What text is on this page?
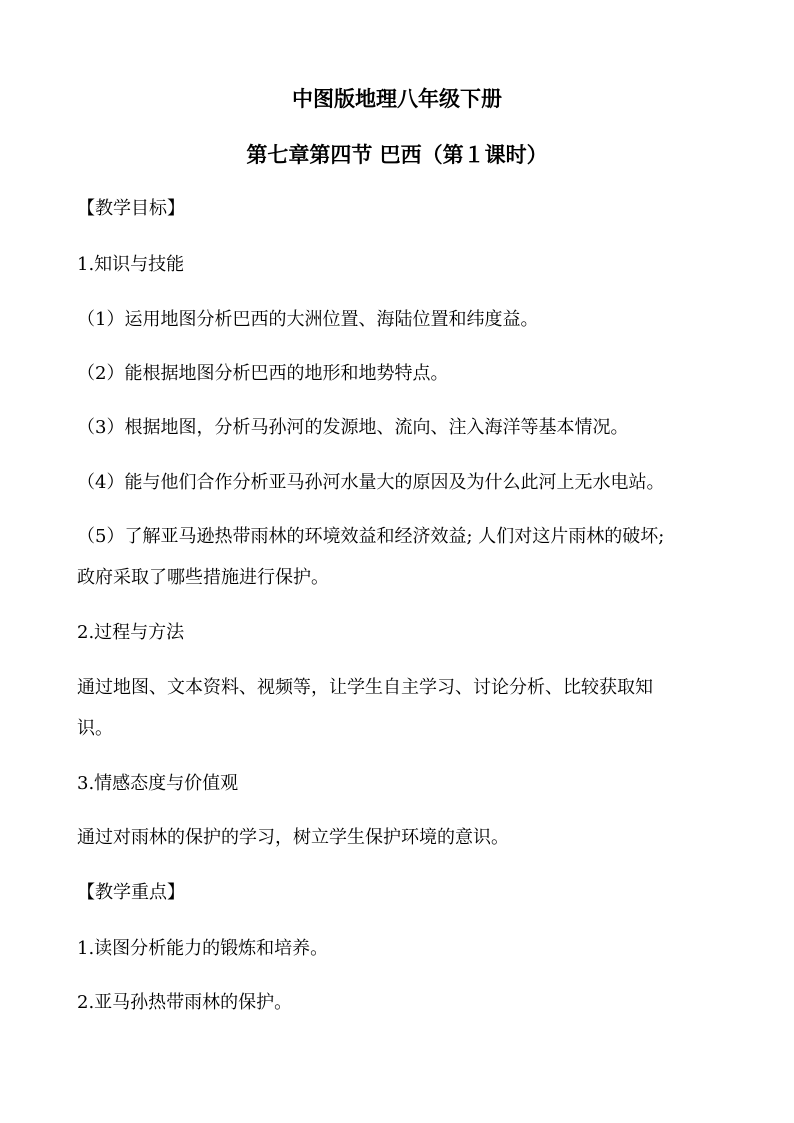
中图版地理八年级下册
第七章第四节 巴西（第１课时）
【教学目标】
1.知识与技能
（1）运用地图分析巴西的大洲位置、海陆位置和纬度益。
（2）能根据地图分析巴西的地形和地势特点。
（3）根据地图，分析马孙河的发源地、流向、注入海洋等基本情况。
（4）能与他们合作分析亚马孙河水量大的原因及为什么此河上无水电站。
（5）了解亚马逊热带雨林的环境效益和经济效益; 人们对这片雨林的破坏;
政府采取了哪些措施进行保护。
2.过程与方法
通过地图、文本资料、视频等，让学生自主学习、讨论分析、比较获取知
识。
3.情感态度与价值观
通过对雨林的保护的学习，树立学生保护环境的意识。
【教学重点】
1.读图分析能力的锻炼和培养。
2.亚马孙热带雨林的保护。
